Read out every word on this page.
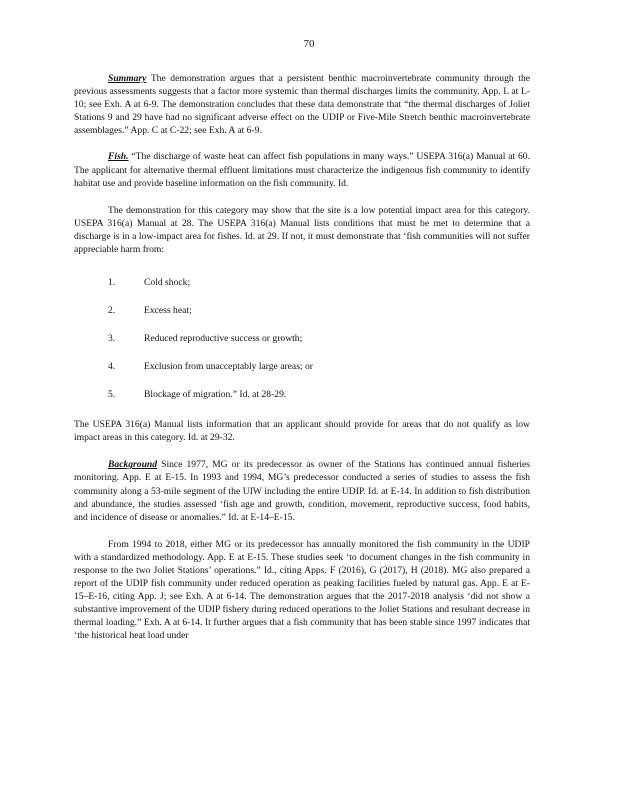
70

Summary The demonstration argues that a persistent benthic macroinvertebrate community through the previous assessments suggests that a factor more systemic than thermal discharges limits the community. App. L at L-10; see Exh. A at 6-9. The demonstration concludes that these data demonstrate that “the thermal discharges of Joliet Stations 9 and 29 have had no significant adverse effect on the UDIP or Five-Mile Stretch benthic macroinvertebrate assemblages.” App. C at C-22; see Exh. A at 6-9.

Fish. “The discharge of waste heat can affect fish populations in many ways.” USEPA 316(a) Manual at 60. The applicant for alternative thermal effluent limitations must characterize the indigenous fish community to identify habitat use and provide baseline information on the fish community. Id.

The demonstration for this category may show that the site is a low potential impact area for this category. USEPA 316(a) Manual at 28. The USEPA 316(a) Manual lists conditions that must be met to determine that a discharge is in a low-impact area for fishes. Id. at 29. If not, it must demonstrate that ‘fish communities will not suffer appreciable harm from:

1.	Cold shock;
2.	Excess heat;
3.	Reduced reproductive success or growth;
4.	Exclusion from unacceptably large areas; or
5.	Blockage of migration.” Id. at 28-29.

The USEPA 316(a) Manual lists information that an applicant should provide for areas that do not qualify as low impact areas in this category. Id. at 29-32.

Background Since 1977, MG or its predecessor as owner of the Stations has continued annual fisheries monitoring. App. E at E-15. In 1993 and 1994, MG’s predecessor conducted a series of studies to assess the fish community along a 53-mile segment of the UIW including the entire UDIP. Id. at E-14. In addition to fish distribution and abundance, the studies assessed ‘fish age and growth, condition, movement, reproductive success, food habits, and incidence of disease or anomalies.” Id. at E-14–E-15.

From 1994 to 2018, either MG or its predecessor has annually monitored the fish community in the UDIP with a standardized methodology. App. E at E-15. These studies seek ‘to document changes in the fish community in response to the two Joliet Stations’ operations.” Id., citing Apps. F (2016), G (2017), H (2018). MG also prepared a report of the UDIP fish community under reduced operation as peaking facilities fueled by natural gas. App. E at E-15–E-16, citing App. J; see Exh. A at 6-14. The demonstration argues that the 2017-2018 analysis ‘did not show a substantive improvement of the UDIP fishery during reduced operations to the Joliet Stations and resultant decrease in thermal loading.” Exh. A at 6-14. It further argues that a fish community that has been stable since 1997 indicates that ‘the historical heat load under
